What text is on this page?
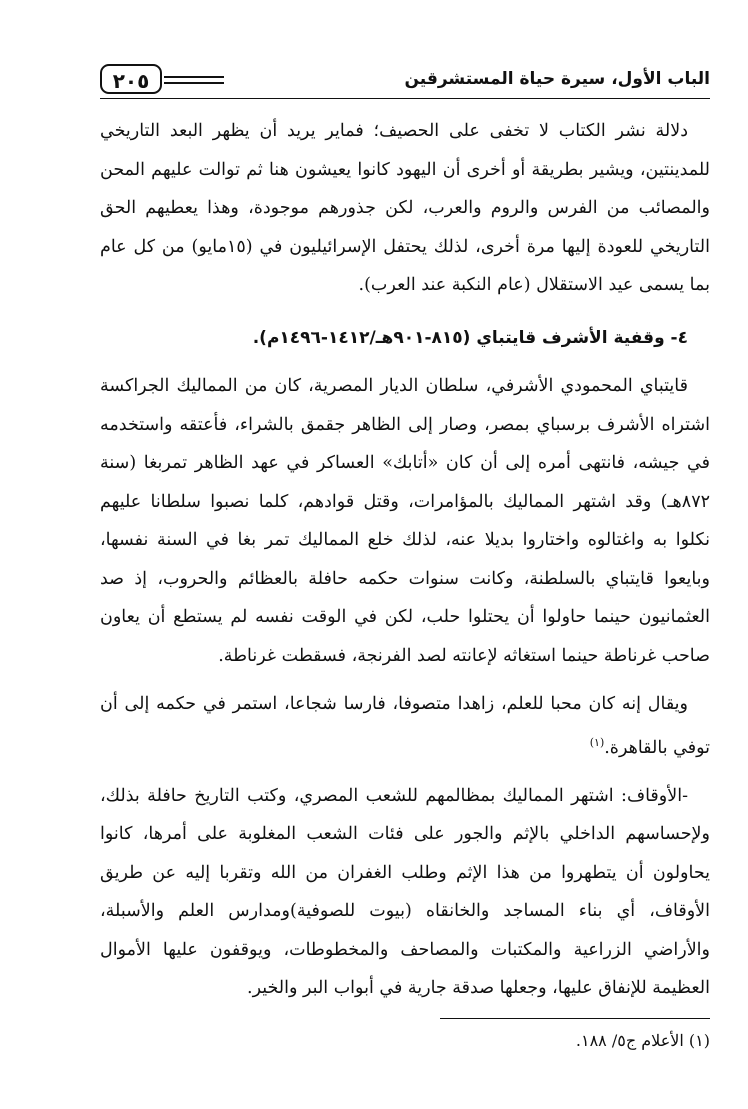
٢٠٥	الباب الأول، سيرة حياة المستشرقين

دلالة نشر الكتاب لا تخفى على الحصيف؛ فماير يريد أن يظهر البعد التاريخي للمدينتين، ويشير بطريقة أو أخرى أن اليهود كانوا يعيشون هنا ثم توالت عليهم المحن والمصائب من الفرس والروم والعرب، لكن جذورهم موجودة، وهذا يعطيهم الحق التاريخي للعودة إليها مرة أخرى، لذلك يحتفل الإسرائيليون في (١٥مايو) من كل عام بما يسمى عيد الاستقلال (عام النكبة عند العرب).

٤- وقفية الأشرف قايتباي (٨١٥-٩٠١هـ/١٤١٢-١٤٩٦م).

قايتباي المحمودي الأشرفي، سلطان الديار المصرية، كان من المماليك الجراكسة اشتراه الأشرف برسباي بمصر، وصار إلى الظاهر جقمق بالشراء، فأعتقه واستخدمه في جيشه، فانتهى أمره إلى أن كان «أتابك» العساكر في عهد الظاهر تمربغا (سنة ٨٧٢هـ) وقد اشتهر المماليك بالمؤامرات، وقتل قوادهم، كلما نصبوا سلطانا عليهم نكلوا به واغتالوه واختاروا بديلا عنه، لذلك خلع المماليك تمر بغا في السنة نفسها، وبايعوا قايتباي بالسلطنة، وكانت سنوات حكمه حافلة بالعظائم والحروب، إذ صد العثمانيون حينما حاولوا أن يحتلوا حلب، لكن في الوقت نفسه لم يستطع أن يعاون صاحب غرناطة حينما استغاثه لإعانته لصد الفرنجة، فسقطت غرناطة.

ويقال إنه كان محبا للعلم، زاهدا متصوفا، فارسا شجاعا، استمر في حكمه إلى أن توفي بالقاهرة.$^{(١)}$

-الأوقاف: اشتهر المماليك بمظالمهم للشعب المصري، وكتب التاريخ حافلة بذلك، ولإحساسهم الداخلي بالإثم والجور على فئات الشعب المغلوبة على أمرها، كانوا يحاولون أن يتطهروا من هذا الإثم وطلب الغفران من الله وتقربا إليه عن طريق الأوقاف، أي بناء المساجد والخانقاه (بيوت للصوفية)ومدارس العلم والأسبلة، والأراضي الزراعية والمكتبات والمصاحف والمخطوطات، ويوقفون عليها الأموال العظيمة للإنفاق عليها، وجعلها صدقة جارية في أبواب البر والخير.

(١) الأعلام ج٥/ ١٨٨.
